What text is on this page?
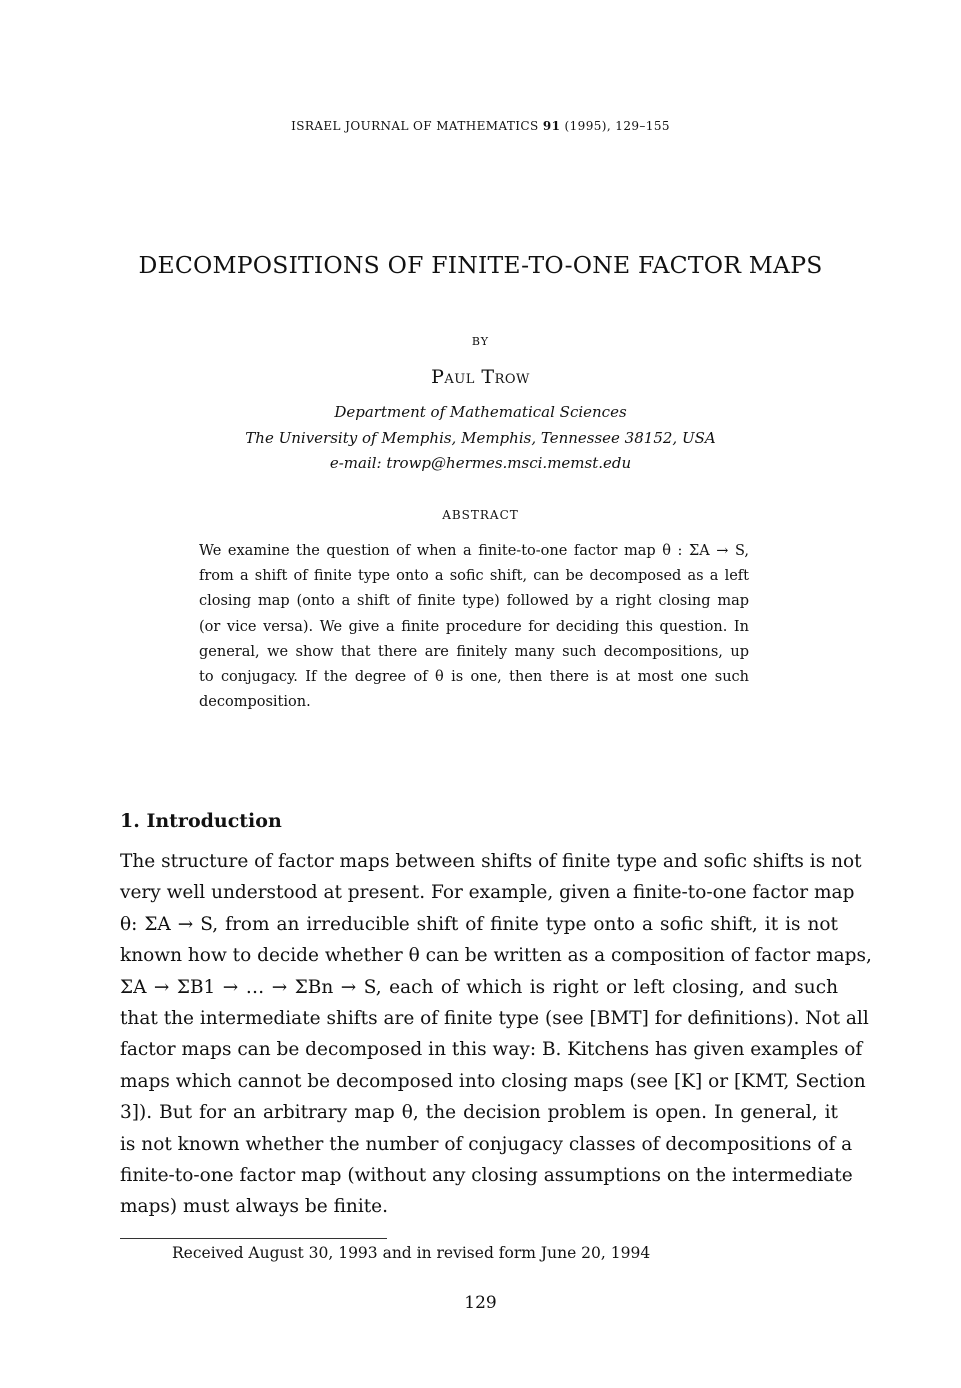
ISRAEL JOURNAL OF MATHEMATICS 91 (1995), 129–155
DECOMPOSITIONS OF FINITE-TO-ONE FACTOR MAPS
BY
Paul Trow
Department of Mathematical Sciences
The University of Memphis, Memphis, Tennessee 38152, USA
e-mail: trowp@hermes.msci.memst.edu
ABSTRACT
We examine the question of when a finite-to-one factor map θ : ΣA → S,
from a shift of finite type onto a sofic shift, can be decomposed as a left
closing map (onto a shift of finite type) followed by a right closing map
(or vice versa). We give a finite procedure for deciding this question. In
general, we show that there are finitely many such decompositions, up
to conjugacy. If the degree of θ is one, then there is at most one such
decomposition.
1. Introduction
The structure of factor maps between shifts of finite type and sofic shifts is not
very well understood at present. For example, given a finite-to-one factor map
θ: ΣA → S, from an irreducible shift of finite type onto a sofic shift, it is not
known how to decide whether θ can be written as a composition of factor maps,
ΣA → ΣB1 → … → ΣBn → S, each of which is right or left closing, and such
that the intermediate shifts are of finite type (see [BMT] for definitions). Not all
factor maps can be decomposed in this way: B. Kitchens has given examples of
maps which cannot be decomposed into closing maps (see [K] or [KMT, Section
3]). But for an arbitrary map θ, the decision problem is open. In general, it
is not known whether the number of conjugacy classes of decompositions of a
finite-to-one factor map (without any closing assumptions on the intermediate
maps) must always be finite.
Received August 30, 1993 and in revised form June 20, 1994
129
